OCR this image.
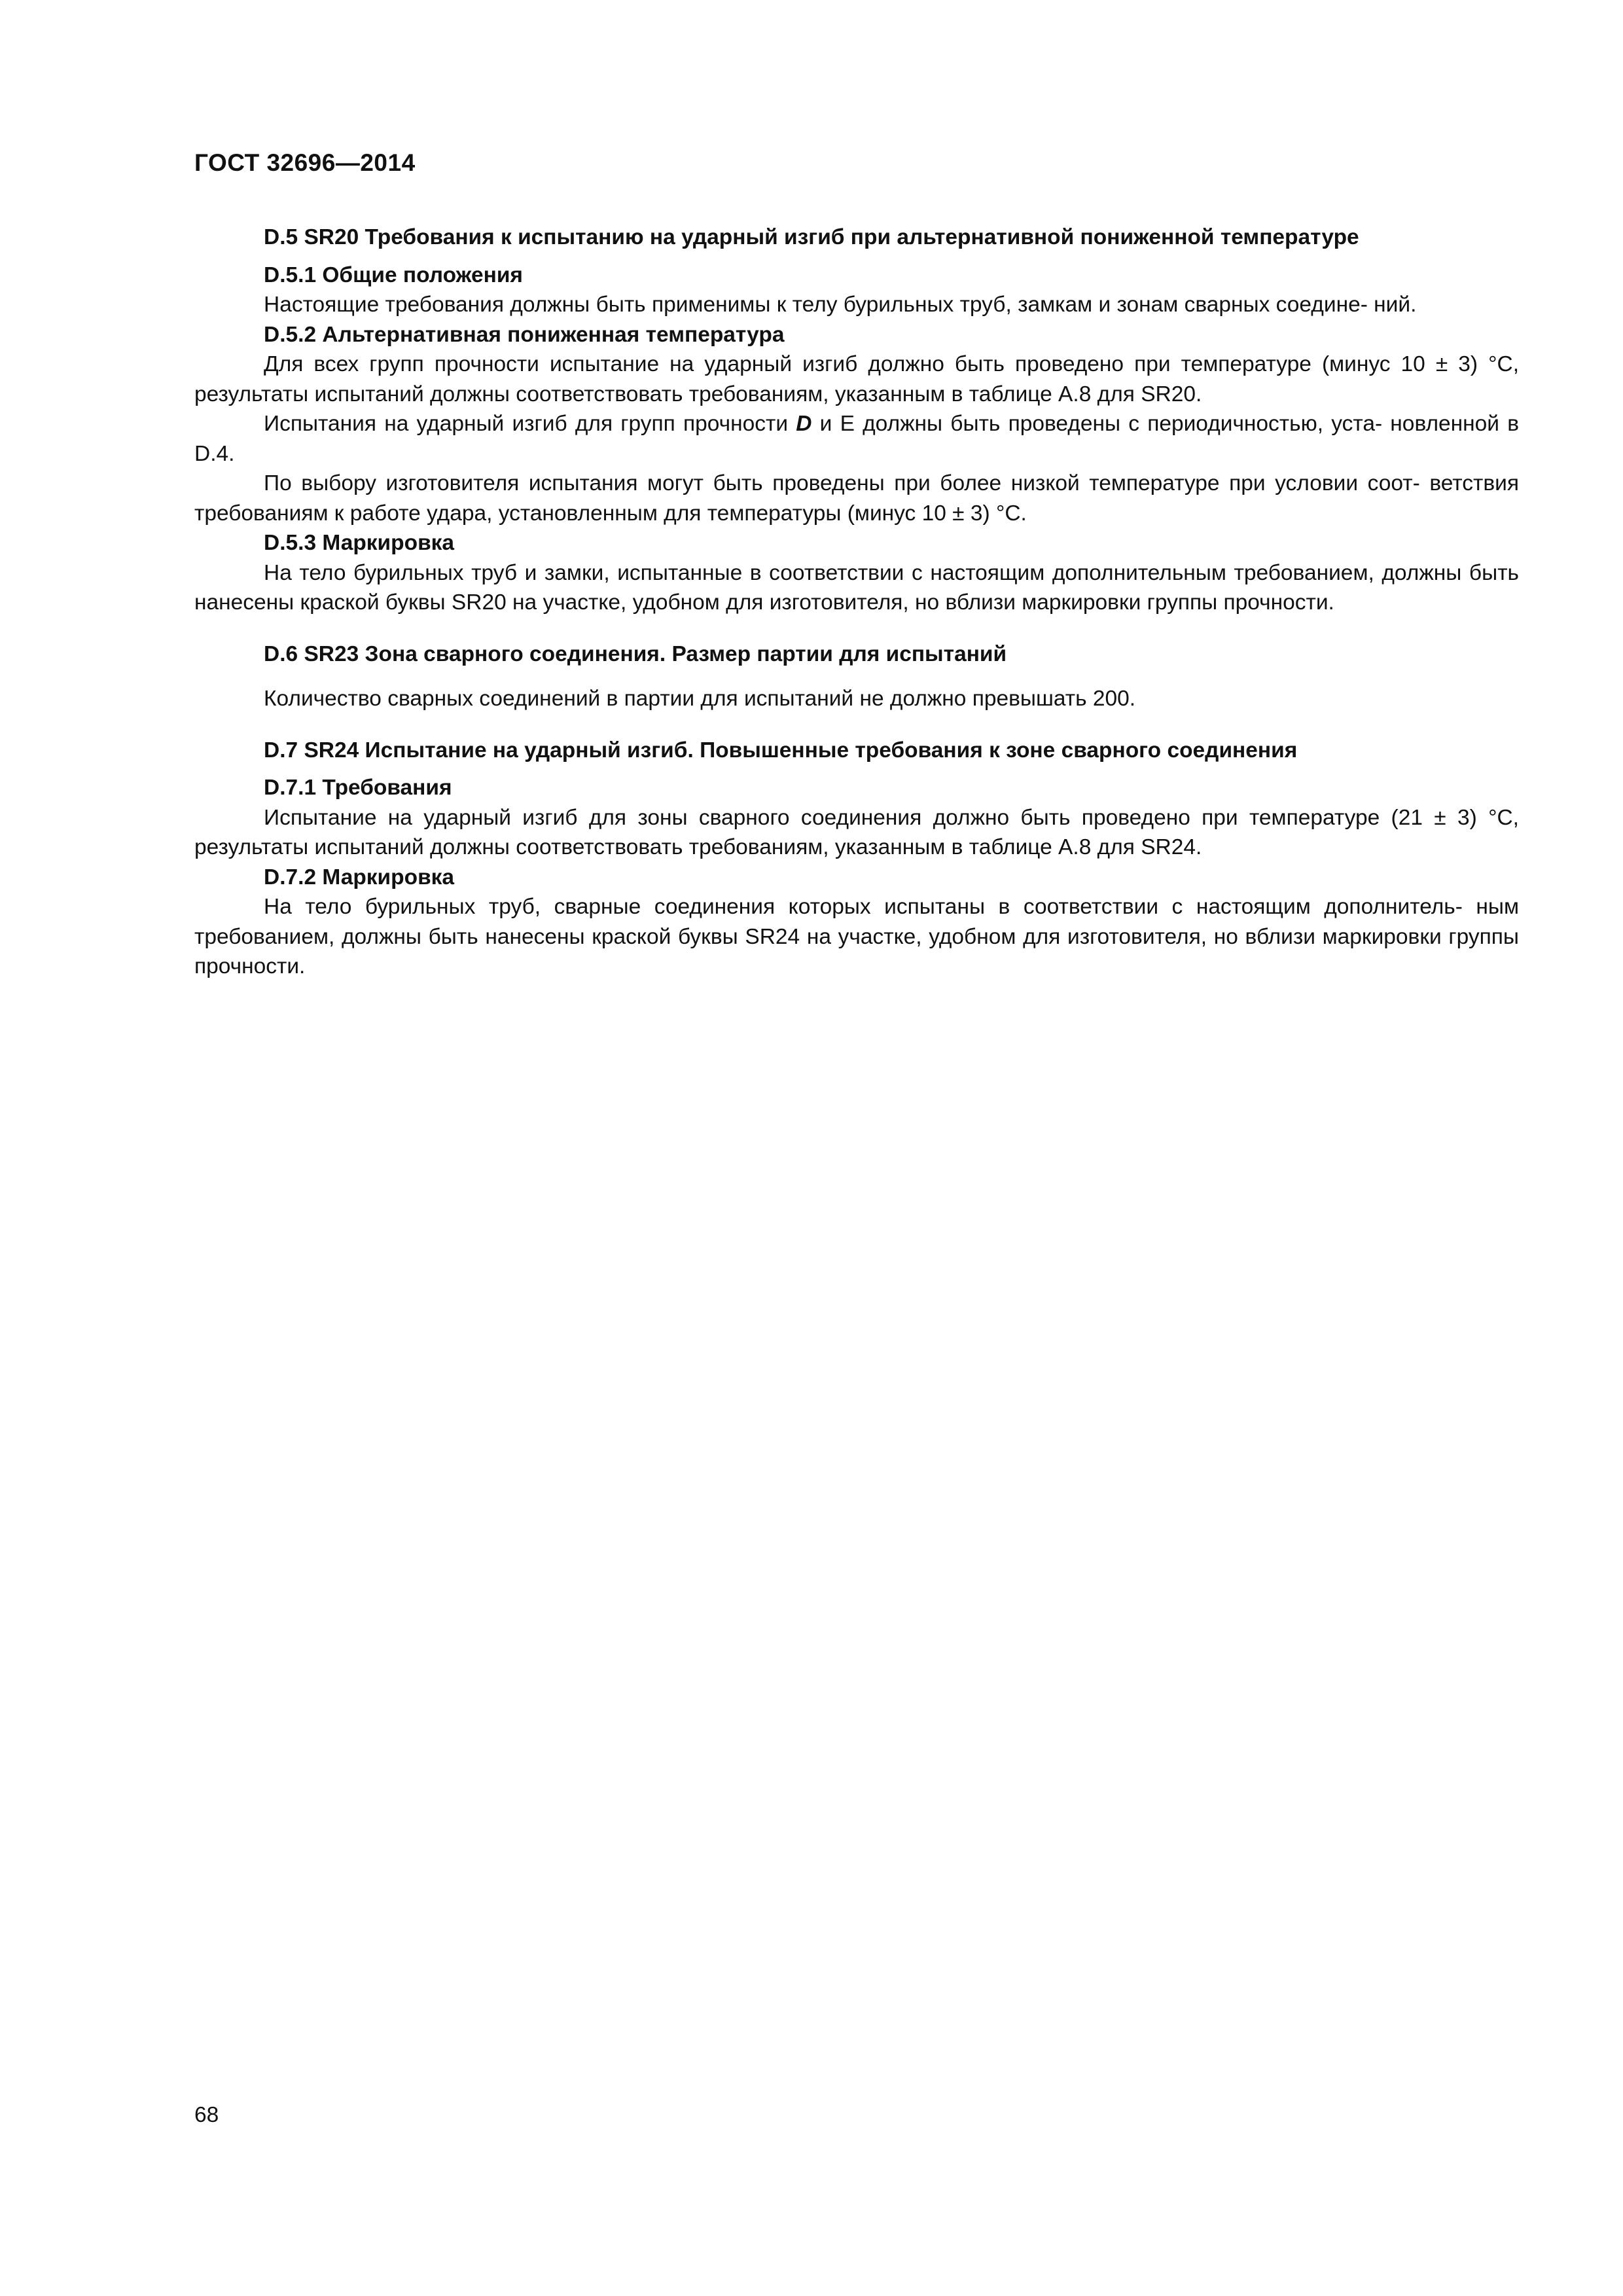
ГОСТ 32696—2014

D.5 SR20 Требования к испытанию на ударный изгиб при альтернативной пониженной температуре

D.5.1 Общие положения

Настоящие требования должны быть применимы к телу бурильных труб, замкам и зонам сварных соедине- ний.

D.5.2 Альтернативная пониженная температура

Для всех групп прочности испытание на ударный изгиб должно быть проведено при температуре (минус 10 ± 3) °С, результаты испытаний должны соответствовать требованиям, указанным в таблице А.8 для SR20.

Испытания на ударный изгиб для групп прочности D и Е должны быть проведены с периодичностью, уста- новленной в D.4.

По выбору изготовителя испытания могут быть проведены при более низкой температуре при условии соот- ветствия требованиям к работе удара, установленным для температуры (минус 10 ± 3) °С.

D.5.3 Маркировка

На тело бурильных труб и замки, испытанные в соответствии с настоящим дополнительным требованием, должны быть нанесены краской буквы SR20 на участке, удобном для изготовителя, но вблизи маркировки группы прочности.

D.6 SR23 Зона сварного соединения. Размер партии для испытаний

Количество сварных соединений в партии для испытаний не должно превышать 200.

D.7 SR24 Испытание на ударный изгиб. Повышенные требования к зоне сварного соединения

D.7.1 Требования

Испытание на ударный изгиб для зоны сварного соединения должно быть проведено при температуре (21 ± 3) °С, результаты испытаний должны соответствовать требованиям, указанным в таблице А.8 для SR24.

D.7.2 Маркировка

На тело бурильных труб, сварные соединения которых испытаны в соответствии с настоящим дополнитель- ным требованием, должны быть нанесены краской буквы SR24 на участке, удобном для изготовителя, но вблизи маркировки группы прочности.

68
